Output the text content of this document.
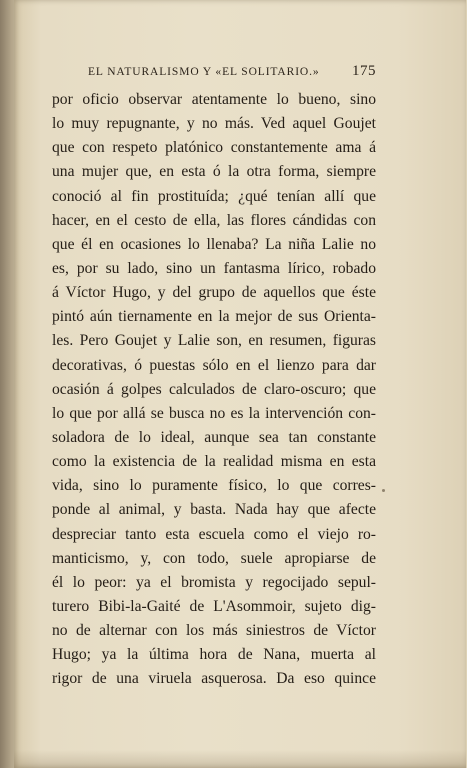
EL NATURALISMO Y «EL SOLITARIO.» 175
por oficio observar atentamente lo bueno, sino
lo muy repugnante, y no más. Ved aquel Goujet
que con respeto platónico constantemente ama á
una mujer que, en esta ó la otra forma, siempre
conoció al fin prostituída; ¿qué tenían allí que
hacer, en el cesto de ella, las flores cándidas con
que él en ocasiones lo llenaba? La niña Lalie no
es, por su lado, sino un fantasma lírico, robado
á Víctor Hugo, y del grupo de aquellos que éste
pintó aún tiernamente en la mejor de sus Orienta-
les. Pero Goujet y Lalie son, en resumen, figuras
decorativas, ó puestas sólo en el lienzo para dar
ocasión á golpes calculados de claro-oscuro; que
lo que por allá se busca no es la intervención con-
soladora de lo ideal, aunque sea tan constante
como la existencia de la realidad misma en esta
vida, sino lo puramente físico, lo que corres-
ponde al animal, y basta. Nada hay que afecte
despreciar tanto esta escuela como el viejo ro-
manticismo, y, con todo, suele apropiarse de
él lo peor: ya el bromista y regocijado sepul-
turero Bibi-la-Gaité de L'Asommoir, sujeto dig-
no de alternar con los más siniestros de Víctor
Hugo; ya la última hora de Nana, muerta al
rigor de una viruela asquerosa. Da eso quince
